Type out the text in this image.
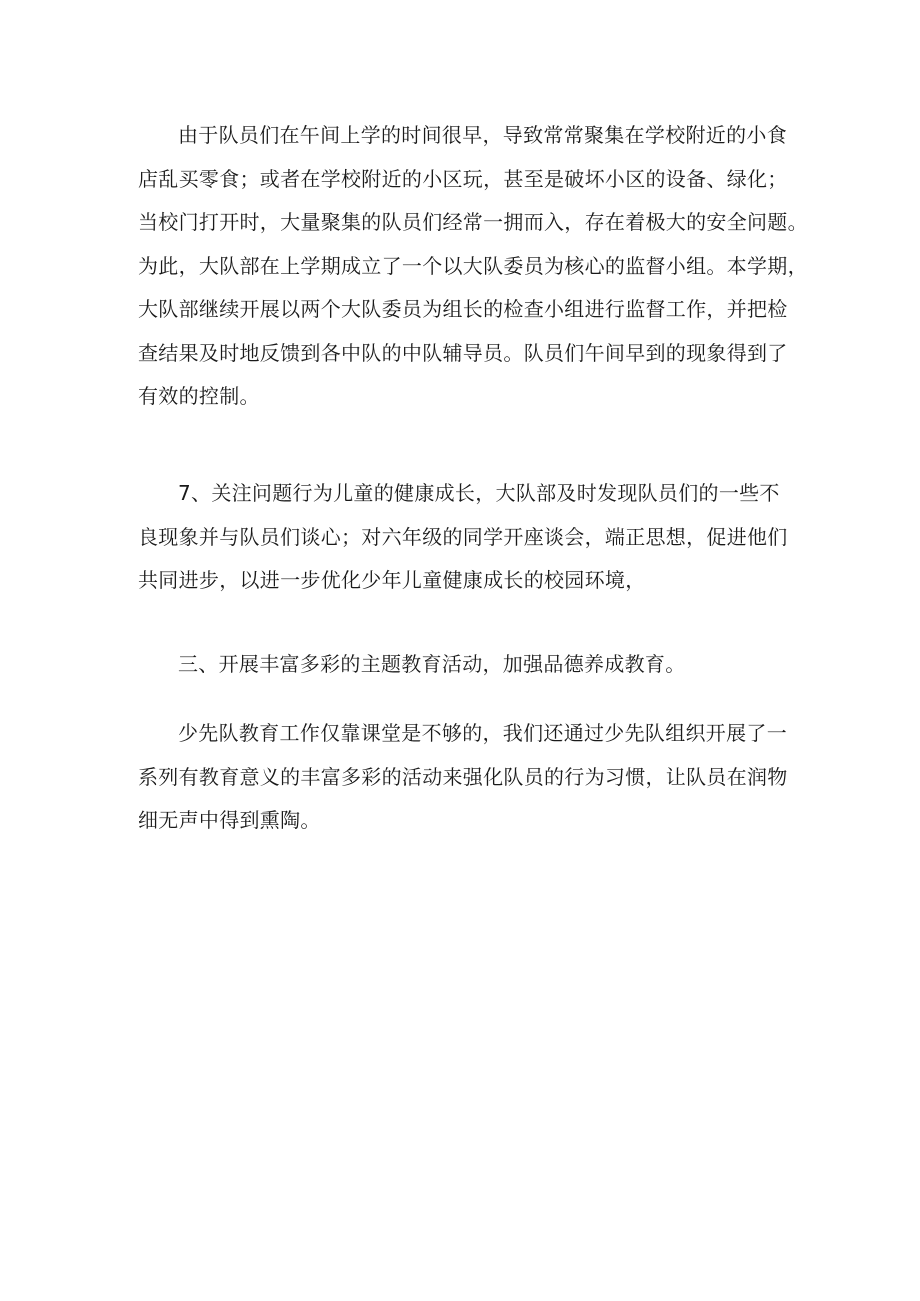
由于队员们在午间上学的时间很早，导致常常聚集在学校附近的小食
店乱买零食；或者在学校附近的小区玩，甚至是破坏小区的设备、绿化；
当校门打开时，大量聚集的队员们经常一拥而入，存在着极大的安全问题。
为此，大队部在上学期成立了一个以大队委员为核心的监督小组。本学期，
大队部继续开展以两个大队委员为组长的检查小组进行监督工作，并把检
查结果及时地反馈到各中队的中队辅导员。队员们午间早到的现象得到了
有效的控制。
7、关注问题行为儿童的健康成长，大队部及时发现队员们的一些不
良现象并与队员们谈心；对六年级的同学开座谈会，端正思想，促进他们
共同进步，以进一步优化少年儿童健康成长的校园环境，
三、开展丰富多彩的主题教育活动，加强品德养成教育。
少先队教育工作仅靠课堂是不够的，我们还通过少先队组织开展了一
系列有教育意义的丰富多彩的活动来强化队员的行为习惯，让队员在润物
细无声中得到熏陶。
